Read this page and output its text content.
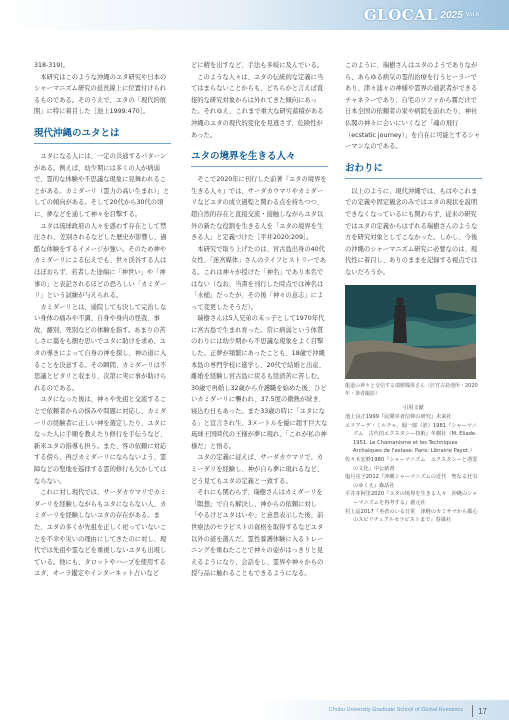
GLOCAL 2025 Vol.6

318-319)。

本研究はこのような沖縄のユタ研究や日本のシャーマニズム研究の延長線上に位置付けられるものである。そのうえで、ユタの「現代的展開」に特に着目した［池上1999:470］。

現代沖縄のユタとは

ユタになる人には、一定の共通するパターンがある。例えば、幼少期には多くの人が病弱で、霊的な体験や不思議な現象に見舞われることがある。カミダーリ（霊力の高い生まれ）」としての傾向がある。そして20代から30代の頃に、夢などを通して神々を目撃する。

ユタは琉球政府の人々を惑わす存在として禁圧され、差別されるなどした歴史が影響し、過酷な体験をするイメージが強い。そのため神やカミダーリによる伝えでも、世々渓谷する人はほぼおらず、若者した途端に「神世い」や「神事の」と表記されるほどの恐ろしい「カミダーリ」という試練が与えられる。

カミダーリとは、通院しても決して完治しない身体の痛みや不調、自身や身内の怪我、事故、離別、死別などの体験を指す。あまりの苦しさに藁をも掴む思いでユタに助けを求め、ユタの導きによって自身の神を探し、神の道に入ることを決意する。その瞬間、カミダーリは不思議とピタリと収まり、次第に実に事が助けられるのである。

ユタになった後は、神々や先祖と交流することで依頼者からの悩みや問題に対応し、カミダーリの経験者に正しい神を選定したり、ユタになった人に手順を教えたり修行を手伝うなど、新米ユタの指導も担う。また、客の依頼に対応する傍ら、再びカミダーリにならないよう、霊障などの聖地を巡拝する霊的修行も欠かしてはならない。

これに対し現代では、サーダカウマリでカミダーリを経験しながらもユタにならない人、カミダーリを経験しないユタの存在がある。また、ユタの多くが先祖を正しく祀っていないことを不幸や災いの理由にしてきたのに対し、現代では先祖や霊などを重視しないユタも出現している。他にも、タロットやハープを使用するユタ、オーラ鑑定やインターネット占いなど

どに精を出すなど、手法も多岐に及んでいる。

このような人々は、ユタの伝統的な定義に当てはまらないことからも、どちらかと言えば直接的な研究対象からは外れてきた傾向にあった。それゆえ、これまで重大な研究蓄積がある沖縄のユタの現代的変化を見逃さず、危険性があった。

ユタの境界を生きる人々

そこで2020年に刊行した前著『ユタの境界を生きる人々』では、サーダカウマリやカミダーリなどユタの成立過程と関わる点を持ちつつ、超自然的存在と直接交流・接触しながらユタ以外の新たな役割を生きる人を「ユタの境界を生きる人」と定義づけた［平井2020:209］。

本研究で取り上げたのは、宮古島出身の40代女性、「迷宮媒体」さんのライフヒストリーである。これは神々が授けた「神名」であり本名ではない（なお、当書を刊行した時点では神名は「水槌」だったが、その後「神々の意志」によって変更したそうだ）。

瑞樹さんは5人兄弟の末っ子として1970年代に宮古島で生まれ育った。常に病弱という体質のわりには幼少期から不思議な現象をよく目撃した。正夢が頻繁にあったことも、18歳で沖縄本島の専門学校に進学し、20代で結婚と出産、離婚を経験し宮古島に戻るも経済苦に苦しむ。30歳で再婚し32歳から介護職を始めた後、ひどいカミダーリに襲われ、37.5度の微熱が続き、寝込む日もあった。また33歳の時に「ユタになる」と宣言され生、3メートルを優に超す巨大な琉球王国時代の王様が夢に現れ、「これが私の神様だ」と悟る。

ユタの定義に従えば、サーダカウマリで、カミーダリを経験し、神が自ら夢に現れるなど、どう見てもユタの定義と一致する。

それにも関わらず、瑞樹さんはカミダーリを「瞑想」で自ら解決し、神からの依頼に対し「やるけどユタはいや」と意思表示した後、前世療法のセラピストの資格を取得するなどユタ以外の道を選んだ。霊性養護体験に入るトレーニングを重ねたことで神々の姿がはっきりと見えるようになり、会話をし、霊界や神々からの授与品に触れることもできるようになる。

このように、瑞樹さんはユタのようでありながら、あらゆる病気の霊的治療を行うヒーラーであり、津々浦々の神様や霊界の通訳者ができるチャネラーであり、自宅のソファから霧だけで日本全国の依頼者の家や病院を訪れたり、神社仏閣の神々に会いにいくなど「魂の飛行（ecstatic journey）」を自在に可能とするシャーマンなのである。

おわりに

以上のように、現代沖縄では、もはやこれまでの定義や固定観念のみではユタの現状を説明できなくなっているにも関わらず、従来の研究ではユタの定義からはずれる瑞樹さんのような方を研究対象としてこなかった。しかし、今後の沖縄のシャーマニズム研究に必要なのは、現代性に着目し、ありのままを記録する視点ではないだろうか。

龍道の神々と交信する瑞樹媒体さん（於宮古島他所・2020年・筆者撮影）
引用文献
池上良正1999『民間巫者信仰の研究』未来社
エリアーデ・ミルチャ、堀一郎（訳）1981『シャーマニズム　古代的エクスタシー技術』冬樹社（M. Eliade. 1951. Le Chamanisme et les Techniques Archaïques de l'extase. Paris: Librairie Payot.）
佐々木宏幹1980『シャーマニズム　エクスタシーと憑霊の文化』中公新書
塩月亮子2012『沖縄シャーマニズムの近代　聖なる狂気のゆくえ』森話社
平井芽阿里2020『ユタの境界を生きる人々　沖縄のシャーマニズムを再考する』創元社
村上晶2017『巫者のいる日常　津軽のカミサマから都心のスピリチュアルセラピストまで』春風社
Chubu University Graduate School of Global Humanics 17
